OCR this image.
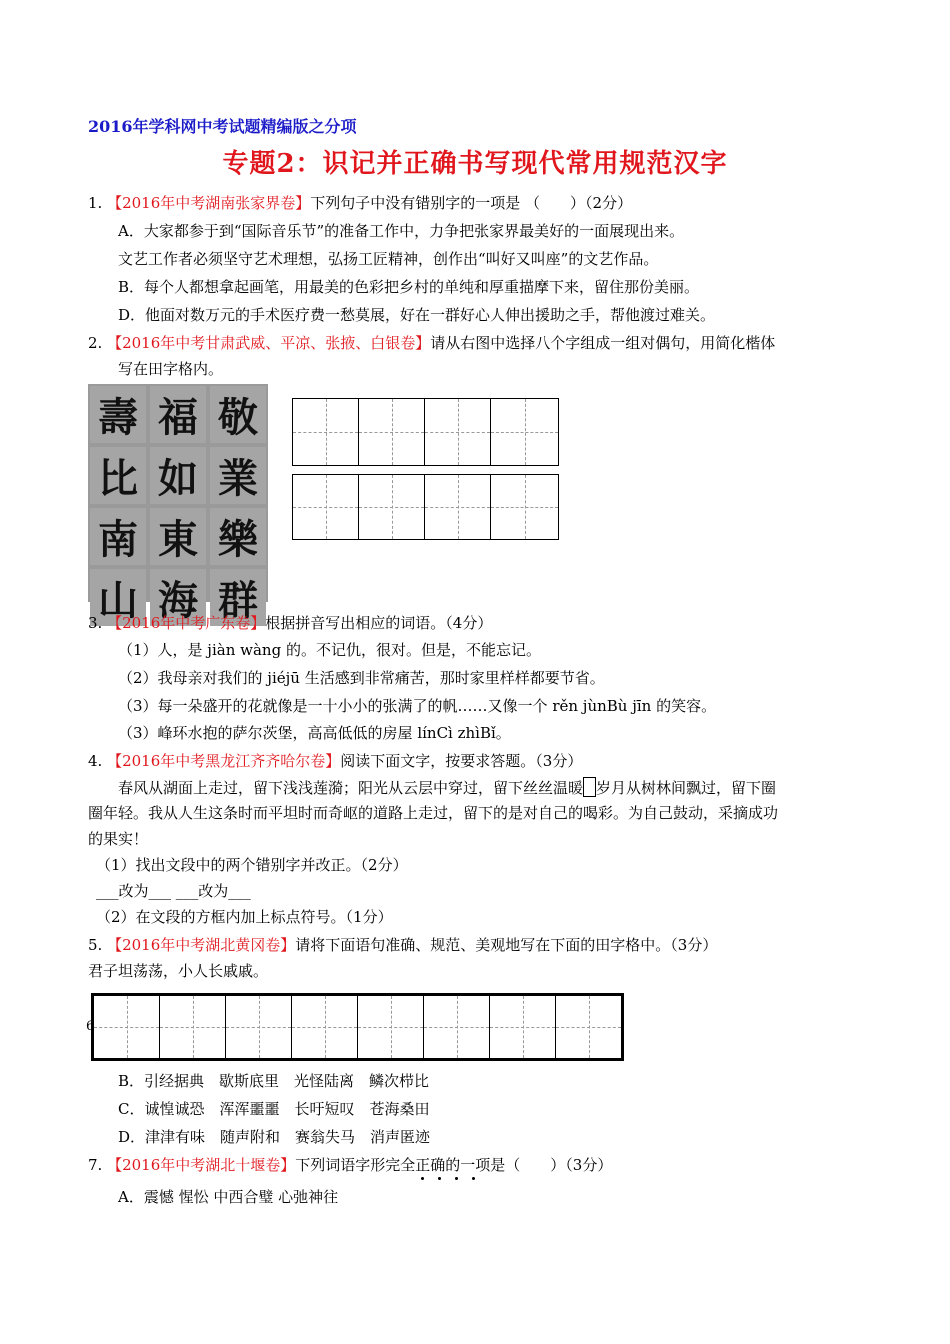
2016年学科网中考试题精编版之分项
专题2：识记并正确书写现代常用规范汉字
1. 【2016年中考湖南张家界卷】下列句子中没有错别字的一项是 （　　）（2分）
A．大家都参于到“国际音乐节”的准备工作中，力争把张家界最美好的一面展现出来。
文艺工作者必须坚守艺术理想，弘扬工匠精神，创作出“叫好又叫座”的文艺作品。
B．每个人都想拿起画笔，用最美的色彩把乡村的单纯和厚重描摩下来，留住那份美丽。
D．他面对数万元的手术医疗费一愁莫展，好在一群好心人伸出援助之手，帮他渡过难关。
2. 【2016年中考甘肃武威、平凉、张掖、白银卷】请从右图中选择八个字组成一组对偶句，用简化楷体
写在田字格内。
壽 福 敬
比 如 業
南 東 樂
山 海 群
3. 【2016年中考广东卷】根据拼音写出相应的词语。（4分）
（1）人，是 jiàn wàng 的。不记仇，很对。但是，不能忘记。
（2）我母亲对我们的 jiéjū 生活感到非常痛苦，那时家里样样都要节省。
（3）每一朵盛开的花就像是一十小小的张满了的帆……又像一个 rěn jùnBù jīn 的笑容。
（3）峰环水抱的萨尔茨堡，高高低低的房屋 línCì zhìBǐ。
4. 【2016年中考黑龙江齐齐哈尔卷】阅读下面文字，按要求答题。（3分）
春风从湖面上走过，留下浅浅莲漪；阳光从云层中穿过，留下丝丝温暖 岁月从树林间飘过，留下圈
圈年轻。我从人生这条时而平坦时而奇岖的道路上走过，留下的是对自己的喝彩。为自己鼓动，采摘成功
的果实！
（1）找出文段中的两个错别字并改正。（2分）
___改为___ ___改为___
（2）在文段的方框内加上标点符号。（1分）
5. 【2016年中考湖北黄冈卷】请将下面语句准确、规范、美观地写在下面的田字格中。（3分）
君子坦荡荡，小人长戚戚。
6
B．引经据典　歇斯底里　光怪陆离　鳞次栉比
C．诚惶诚恐　浑浑噩噩　长吁短叹　苍海桑田
D．津津有味　随声附和　赛翁失马　消声匿迹
7. 【2016年中考湖北十堰卷】下列词语字形完全正确的一项是（　　）（3分）
A．震憾 惺忪 中西合璧 心弛神往
